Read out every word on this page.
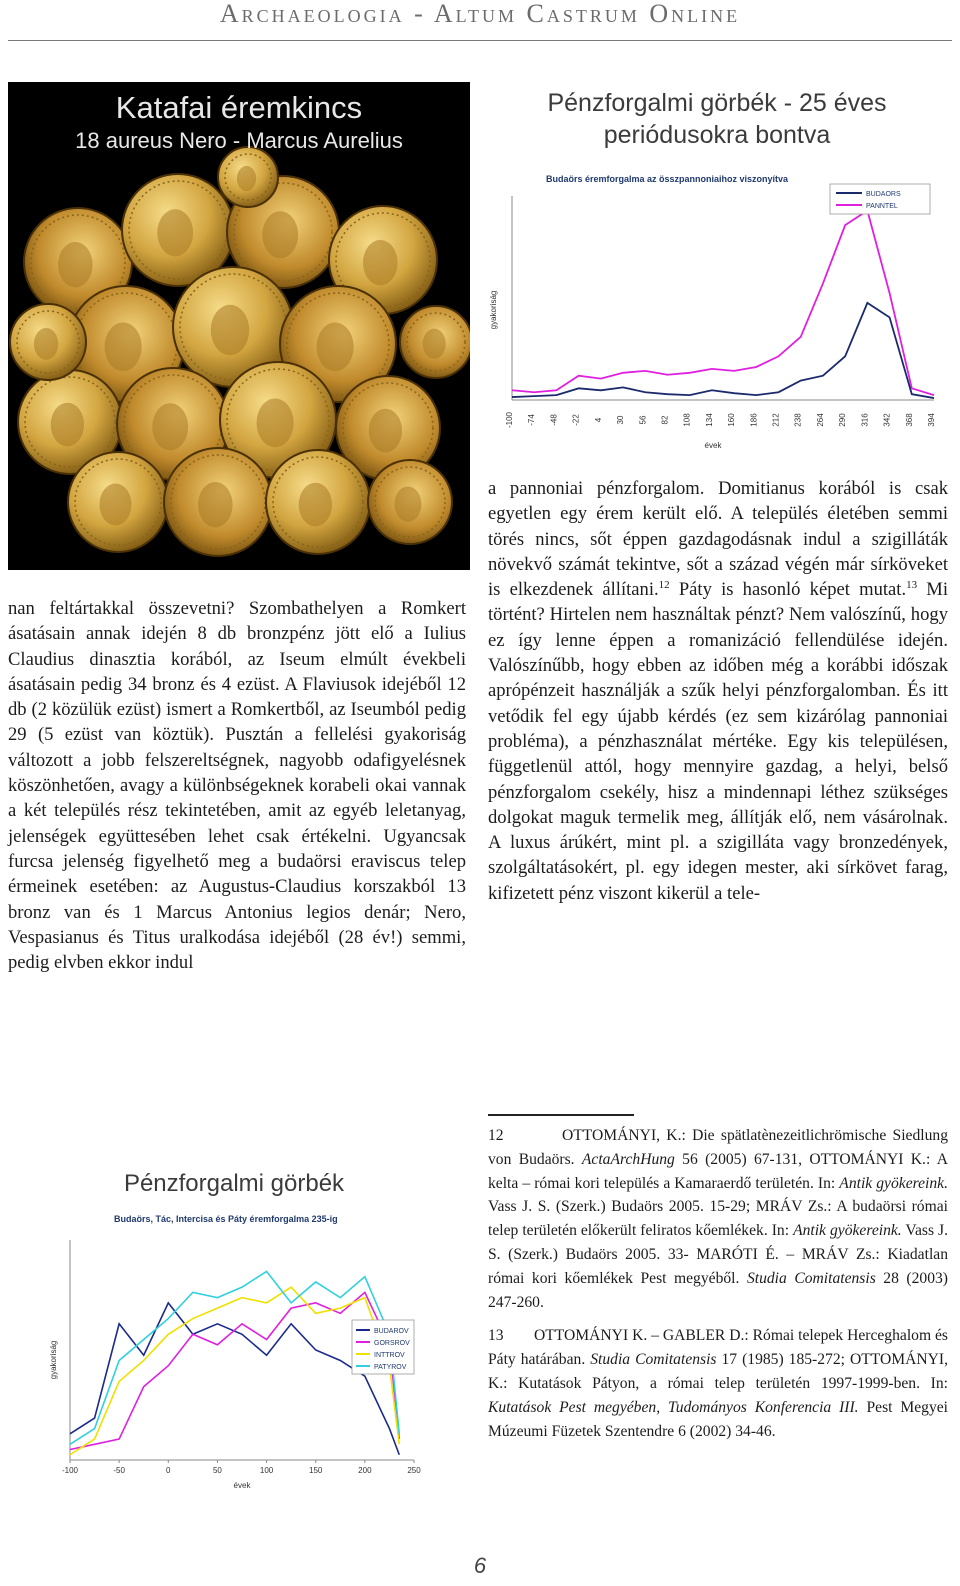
Archaeologia - Altum Castrum Online
Katafai éremkincs
18 aureus Nero - Marcus Aurelius
Pénzforgalmi görbék - 25 éves
periódusokra bontva
Budaörs éremforgalma az összpannoniaihoz viszonyítva
gyakoriság
-100 -74 -48 -22 4 30 56 82 108 134 160 186 212 238 264 290 316 342 368 394
évek
BUDAORS
PANNTEL

nan feltártakkal összevetni? Szombathelyen a Romkert ásatásain annak idején 8 db bronzpénz jött elő a Iulius Claudius dinasztia korából, az Iseum elmúlt évekbeli ásatásain pedig 34 bronz és 4 ezüst. A Flaviusok idejéből 12 db (2 közülük ezüst) ismert a Romkertből, az Iseumból pedig 29 (5 ezüst van köztük). Pusztán a fellelési gyakoriság változott a jobb felszereltségnek, nagyobb odafigyelésnek köszönhetően, avagy a különbségeknek korabeli okai vannak a két település rész tekintetében, amit az egyéb leletanyag, jelenségek együttesében lehet csak értékelni. Ugyancsak furcsa jelenség figyelhető meg a budaörsi eraviscus telep érmeinek esetében: az Augustus-Claudius korszakból 13 bronz van és 1 Marcus Antonius legios denár; Nero, Vespasianus és Titus uralkodása idejéből (28 év!) semmi, pedig elvben ekkor indul

a pannoniai pénzforgalom. Domitianus korából is csak egyetlen egy érem került elő. A település életében semmi törés nincs, sőt éppen gazdagodásnak indul a szigilláták növekvő számát tekintve, sőt a század végén már sírköveket is elkezdenek állítani.$^{12}$ Páty is hasonló képet mutat.$^{13}$ Mi történt? Hirtelen nem használtak pénzt? Nem valószínű, hogy ez így lenne éppen a romanizáció fellendülése idején. Valószínűbb, hogy ebben az időben még a korábbi időszak aprópénzeit használják a szűk helyi pénzforgalomban. És itt vetődik fel egy újabb kérdés (ez sem kizárólag pannoniai probléma), a pénzhasználat mértéke. Egy kis településen, függetlenül attól, hogy mennyire gazdag, a helyi, belső pénzforgalom csekély, hisz a mindennapi léthez szükséges dolgokat maguk termelik meg, állítják elő, nem vásárolnak. A luxus árúkért, mint pl. a szigilláta vagy bronzedények, szolgáltatásokért, pl. egy idegen mester, aki sírkövet farag, kifizetett pénz viszont kikerül a tele-

12	OTTOMÁNYI, K.: Die spätlatènezeitlichrömische Siedlung von Budaörs. ActaArchHung 56 (2005) 67-131, OTTOMÁNYI K.: A kelta – római kori település a Kamaraerdő területén. In: Antik gyökereink. Vass J. S. (Szerk.) Budaörs 2005. 15-29; MRÁV Zs.: A budaörsi római telep területén előkerült feliratos kőemlékek. In: Antik gyökereink. Vass J. S. (Szerk.) Budaörs 2005. 33- MARÓTI É. – MRÁV Zs.: Kiadatlan római kori kőemlékek Pest megyéből. Studia Comitatensis 28 (2003) 247-260.

13 OTTOMÁNYI K. – GABLER D.: Római telepek Herceghalom és Páty határában. Studia Comitatensis 17 (1985) 185-272; OTTOMÁNYI, K.: Kutatások Pátyon, a római telep területén 1997-1999-ben. In: Kutatások Pest megyében, Tudományos Konferencia III. Pest Megyei Múzeumi Füzetek Szentendre 6 (2002) 34-46.

Pénzforgalmi görbék
Budaörs, Tác, Intercisa és Páty éremforgalma 235-ig
gyakoriság
-100	-50	0	50	100	150	200	250
évek
BUDAROV
GORSROV
INTTROV
PATYROV
6
